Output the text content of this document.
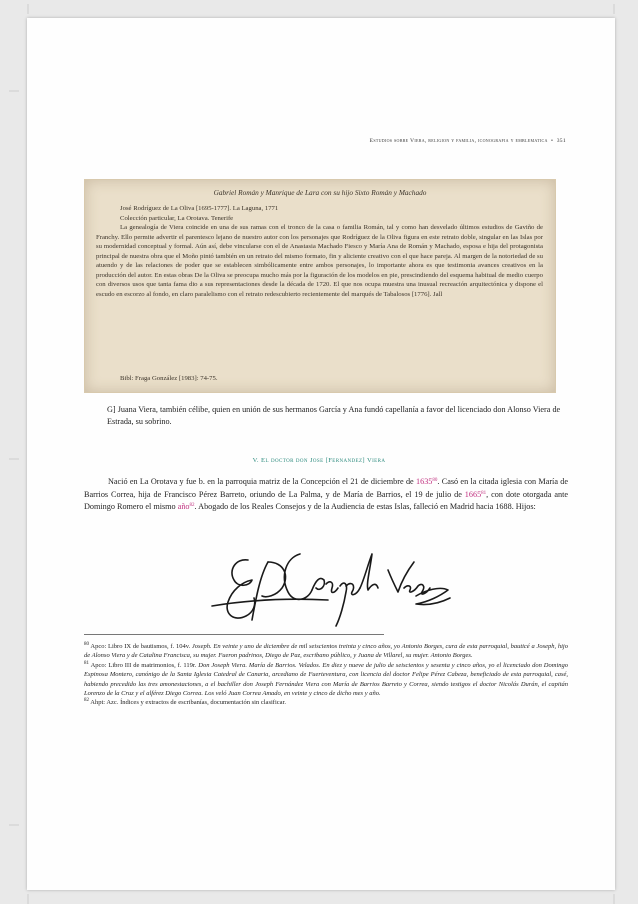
Estudios sobre Viera, religion y familia, iconografia y emblematica  •  351
Gabriel Román y Manrique de Lara con su hijo Sixto Román y Machado

José Rodríguez de La Oliva [1695-1777]. La Laguna, 1771

Colección particular, La Orotava. Tenerife

La genealogía de Viera coincide en una de sus ramas con el tronco de la casa o familia Román, tal y como han desvelado últimos estudios de Gaviño de Franchy. Ello permite advertir el parentesco lejano de nuestro autor con los personajes que Rodríguez de la Oliva figura en este retrato doble, singular en las Islas por su modernidad conceptual y formal. Aún así, debe vincularse con el de Anastasia Machado Fiesco y María Ana de Román y Machado, esposa e hija del protagonista principal de nuestra obra que el Moño pintó también en un retrato del mismo formato, fin y aliciente creativo con el que hace pareja. Al margen de la notoriedad de su atuendo y de las relaciones de poder que se establecen simbólicamente entre ambos personajes, lo importante ahora es que testimonia avances creativos en la producción del autor. En estas obras De la Oliva se preocupa mucho más por la figuración de los modelos en pie, prescindiendo del esquema habitual de medio cuerpo con diversos usos que tanta fama dio a sus representaciones desde la década de 1720. El que nos ocupa muestra una inusual recreación arquitectónica y dispone el escudo en escorzo al fondo, en claro paralelismo con el retrato redescubierto recientemente del marqués de Tabalosos [1776]. Jall

Bibl: Fraga González [1983]: 74-75.
G] Juana Viera, también célibe, quien en unión de sus hermanos García y Ana fundó capellanía a favor del licenciado don Alonso Viera de Estrada, su sobrino.
V. El doctor don Jose [Fernandez] Viera
Nació en La Orotava y fue b. en la parroquia matriz de la Concepción el 21 de diciembre de 1635$^{80}$. Casó en la citada iglesia con María de Barrios Correa, hija de Francisco Pérez Barreto, oriundo de La Palma, y de María de Barrios, el 19 de julio de 1665$^{81}$, con dote otorgada ante Domingo Romero el mismo año$^{82}$. Abogado de los Reales Consejos y de la Audiencia de estas Islas, falleció en Madrid hacia 1688. Hijos:
E. D. Joseph Viera

$^{80}$ Apco: Libro IX de bautismos, f. 104v. Joseph. En veinte y uno de diciembre de mil seiscientos treinta y cinco años, yo Antonio Borges, cura de esta parroquial, bauticé a Joseph, hijo de Alonso Viera y de Catalina Francisca, su mujer. Fueron padrinos, Diego de Paz, escribano público, y Juana de Villarel, su mujer. Antonio Borges.

$^{81}$ Apco: Libro III de matrimonios, f. 119r. Don Joseph Viera. María de Barrios. Velados. En diez y nueve de julio de seiscientos y sesenta y cinco años, yo el licenciado don Domingo Espinosa Montero, canónigo de la Santa Iglesia Catedral de Canaria, arcediano de Fuerteventura, con licencia del doctor Felipe Pérez Cabeza, beneficiado de esta parroquial, casé, habiendo precedido las tres amonestaciones, a el bachiller don Joseph Fernández Viera con María de Barrios Barreto y Correa, siendo testigos el doctor Nicolás Durán, el capitán Lorenzo de la Cruz y el alférez Diego Correa. Los veló Juan Correa Amado, en veinte y cinco de dicho mes y año.

$^{82}$ Ahpt: Azc. Índices y extractos de escribanías, documentación sin clasificar.
